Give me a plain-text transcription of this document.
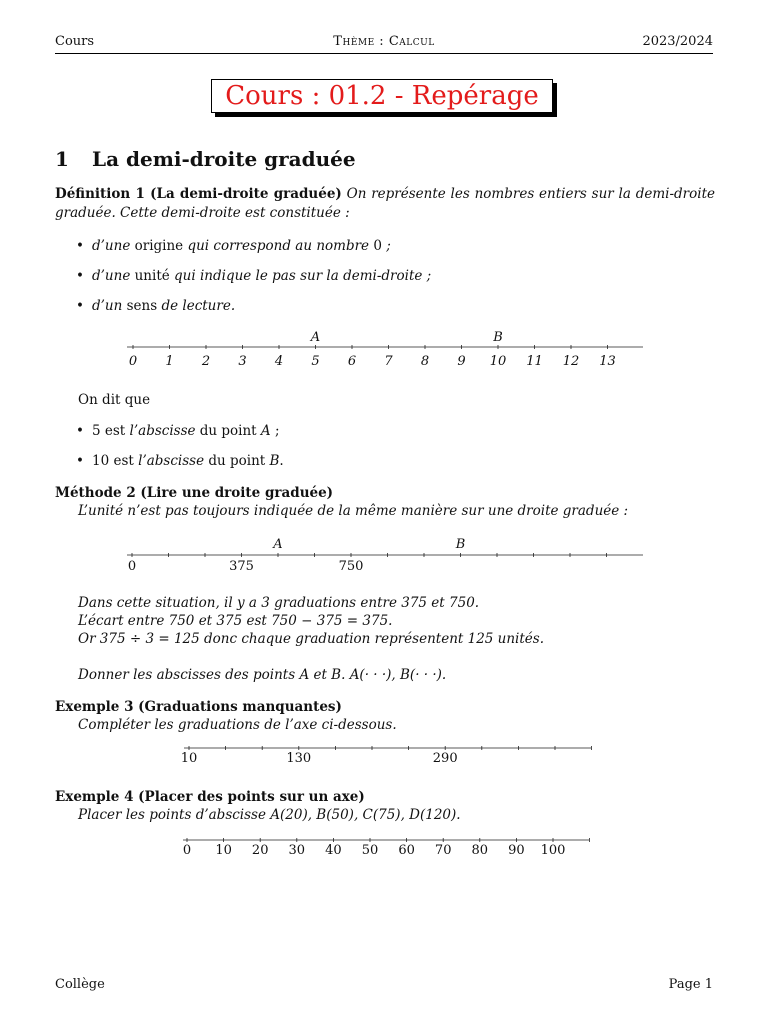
Cours	Thème : Calcul	2023/2024
Cours : 01.2 - Repérage
1 La demi-droite graduée
Définition 1 (La demi-droite graduée) On représente les nombres entiers sur la demi-droite
graduée. Cette demi-droite est constituée :
• d’une origine qui correspond au nombre 0 ;
• d’une unité qui indique le pas sur la demi-droite ;
• d’un sens de lecture.
0 1 2 3 4 5 6 7 8 9 10 11 12 13
A	B
On dit que
• 5 est l’abscisse du point A ;
• 10 est l’abscisse du point B.
Méthode 2 (Lire une droite graduée)
L’unité n’est pas toujours indiquée de la même manière sur une droite graduée :
0	375	750
A	B
Dans cette situation, il y a 3 graduations entre 375 et 750.
L’écart entre 750 et 375 est 750 − 375 = 375.
Or 375 ÷ 3 = 125 donc chaque graduation représentent 125 unités.
Donner les abscisses des points A et B. A(· · ·), B(· · ·).
Exemple 3 (Graduations manquantes)
Compléter les graduations de l’axe ci-dessous.
10	130	290
Exemple 4 (Placer des points sur un axe)
Placer les points d’abscisse A(20), B(50), C(75), D(120).
0 10 20 30 40 50 60 70 80 90 100
Collège	Page 1
